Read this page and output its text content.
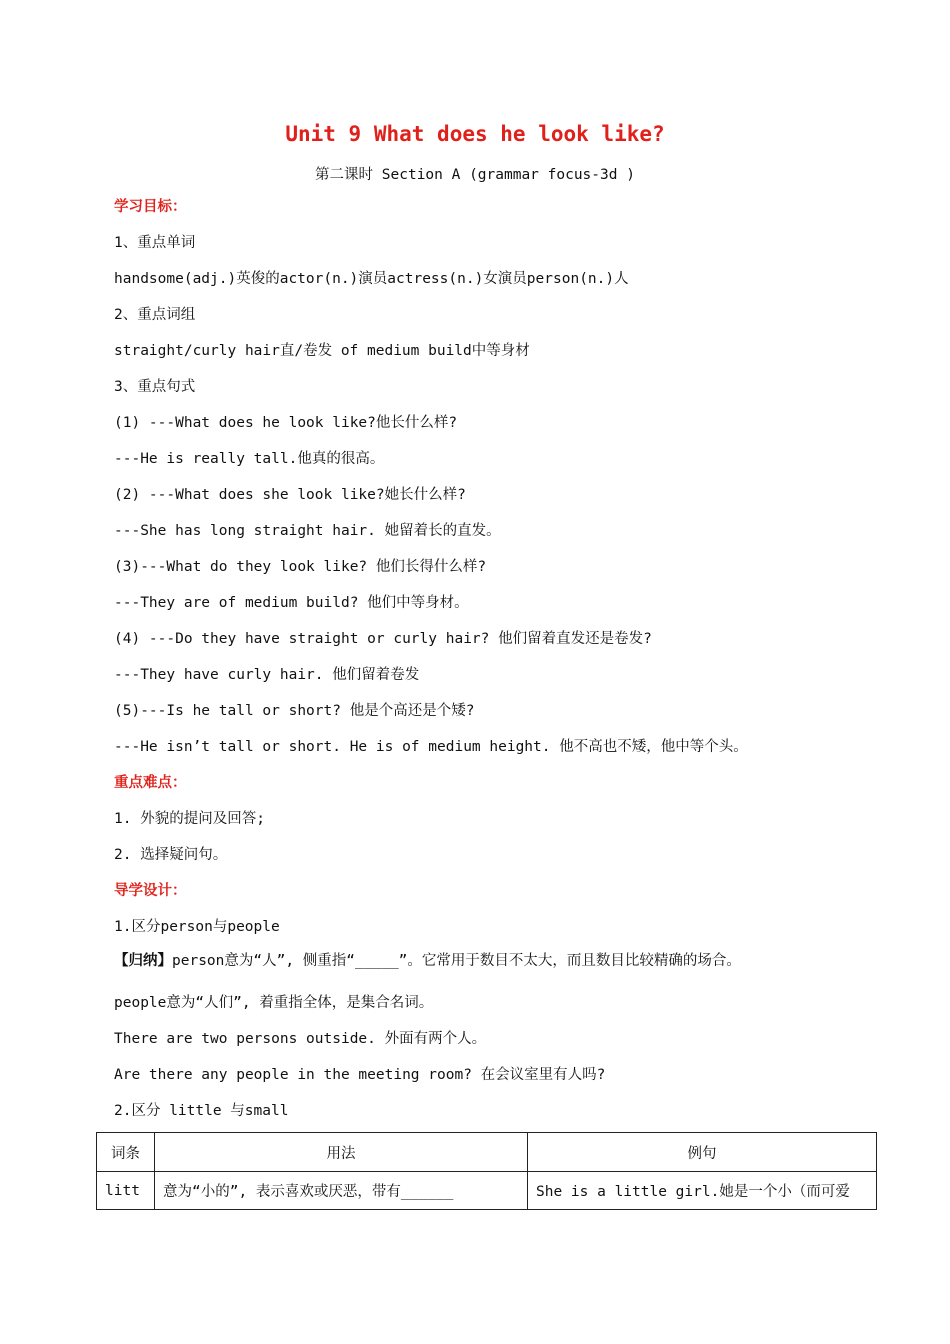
Unit 9 What does he look like?
第二课时 Section A (grammar focus-3d )
学习目标：
1、重点单词
handsome(adj.)英俊的actor(n.)演员actress(n.)女演员person(n.)人
2、重点词组
straight/curly hair直/卷发 of medium build中等身材
3、重点句式
(1) ---What does he look like?他长什么样?
---He is really tall.他真的很高。
(2) ---What does she look like?她长什么样?
---She has long straight hair. 她留着长的直发。
(3)---What do they look like? 他们长得什么样?
---They are of medium build? 他们中等身材。
(4) ---Do they have straight or curly hair? 他们留着直发还是卷发?
---They have curly hair. 他们留着卷发
(5)---Is he tall or short? 他是个高还是个矮?
---He isn’t tall or short. He is of medium height. 他不高也不矮，他中等个头。
重点难点：
1. 外貌的提问及回答;
2. 选择疑问句。
导学设计：
1.区分person与people
【归纳】person意为“人”, 侧重指“_____”。它常用于数目不太大，而且数目比较精确的场合。
people意为“人们”, 着重指全体，是集合名词。
There are two persons outside. 外面有两个人。
Are there any people in the meeting room? 在会议室里有人吗?
2.区分 little 与small
词条	用法	例句
litt	意为“小的”, 表示喜欢或厌恶，带有______	She is a little girl.她是一个小（而可爱
